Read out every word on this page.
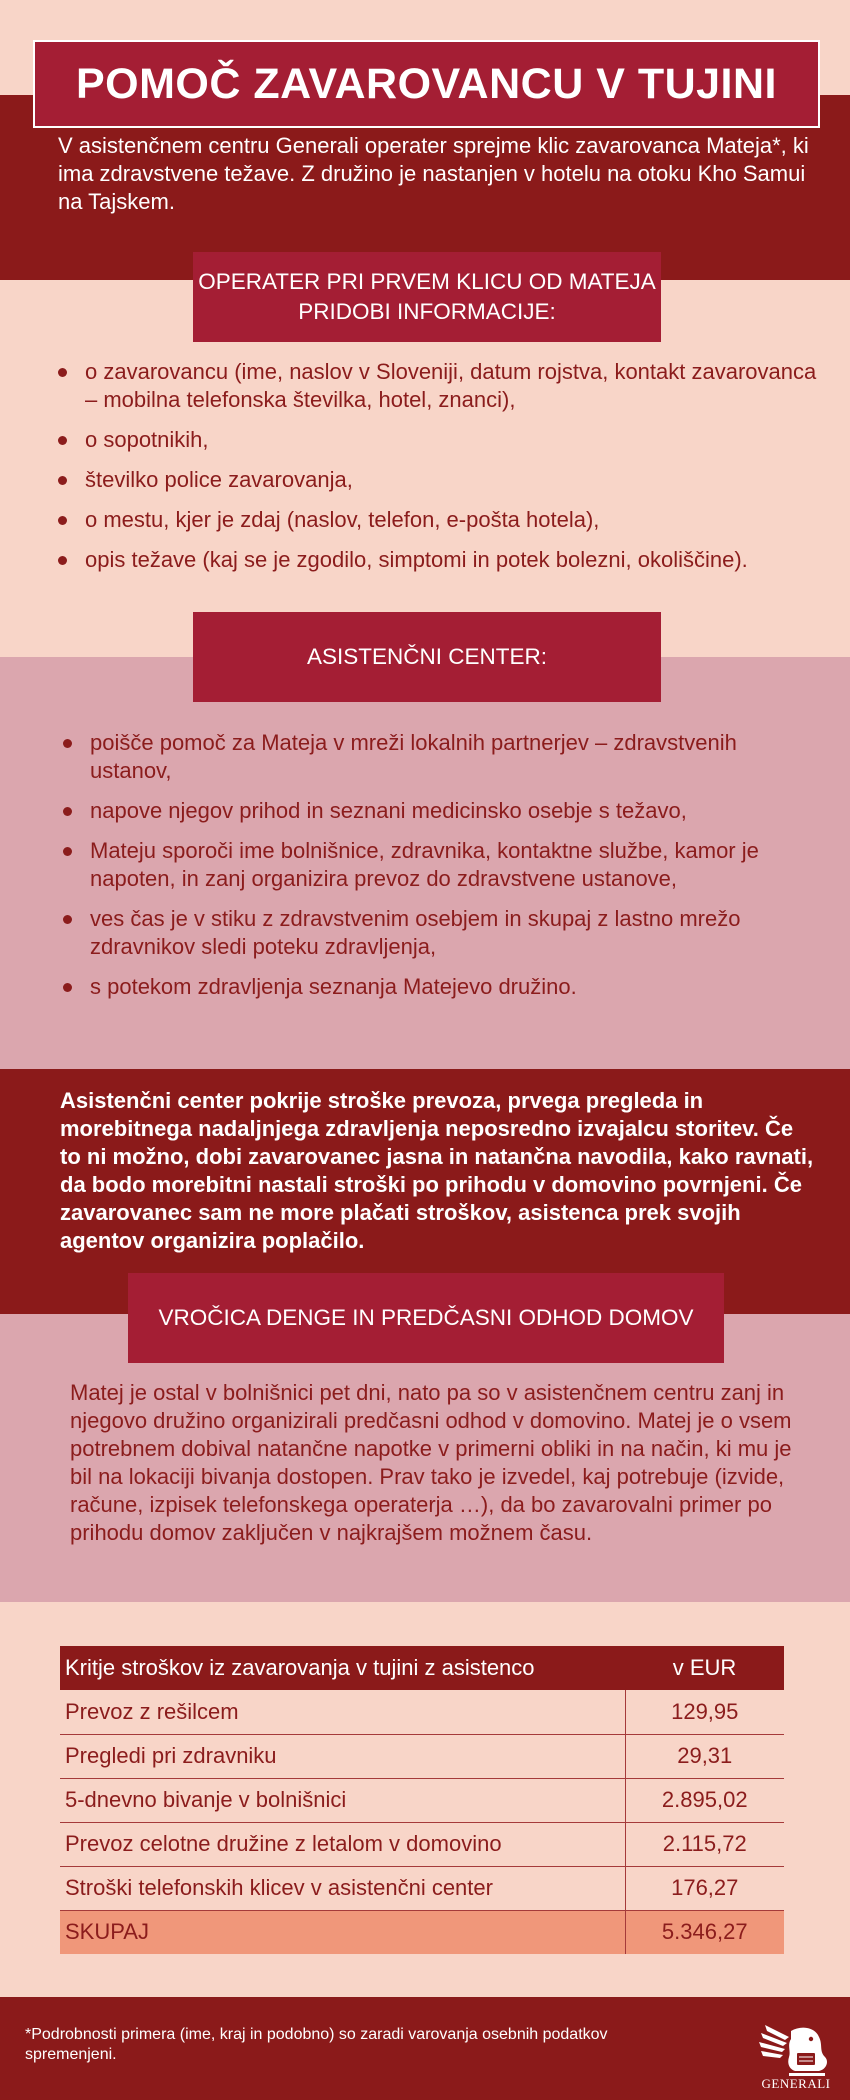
POMOČ ZAVAROVANCU V TUJINI

V asistenčnem centru Generali operater sprejme klic zavarovanca Mateja*, ki ima zdravstvene težave. Z družino je nastanjen v hotelu na otoku Kho Samui na Tajskem.

OPERATER PRI PRVEM KLICU OD MATEJA PRIDOBI INFORMACIJE:
o zavarovancu (ime, naslov v Sloveniji, datum rojstva, kontakt zavarovanca – mobilna telefonska številka, hotel, znanci),
o sopotnikih,
številko police zavarovanja,
o mestu, kjer je zdaj (naslov, telefon, e-pošta hotela),
opis težave (kaj se je zgodilo, simptomi in potek bolezni, okoliščine).
ASISTENČNI CENTER:
poišče pomoč za Mateja v mreži lokalnih partnerjev – zdravstvenih ustanov,
napove njegov prihod in seznani medicinsko osebje s težavo,
Mateju sporoči ime bolnišnice, zdravnika, kontaktne službe, kamor je napoten, in zanj organizira prevoz do zdravstvene ustanove,
ves čas je v stiku z zdravstvenim osebjem in skupaj z lastno mrežo zdravnikov sledi poteku zdravljenja,
s potekom zdravljenja seznanja Matejevo družino.

Asistenčni center pokrije stroške prevoza, prvega pregleda in morebitnega nadaljnjega zdravljenja neposredno izvajalcu storitev. Če to ni možno, dobi zavarovanec jasna in natančna navodila, kako ravnati, da bodo morebitni nastali stroški po prihodu v domovino povrnjeni. Če zavarovanec sam ne more plačati stroškov, asistenca prek svojih agentov organizira poplačilo.

VROČICA DENGE IN PREDČASNI ODHOD DOMOV

Matej je ostal v bolnišnici pet dni, nato pa so v asistenčnem centru zanj in njegovo družino organizirali predčasni odhod v domovino. Matej je o vsem potrebnem dobival natančne napotke v primerni obliki in na način, ki mu je bil na lokaciji bivanja dostopen. Prav tako je izvedel, kaj potrebuje (izvide, račune, izpisek telefonskega operaterja …), da bo zavarovalni primer po prihodu domov zaključen v najkrajšem možnem času.

Kritje stroškov iz zavarovanja v tujini z asistenco	v EUR
Prevoz z rešilcem	129,95
Pregledi pri zdravniku	29,31
5-dnevno bivanje v bolnišnici	2.895,02
Prevoz celotne družine z letalom v domovino	2.115,72
Stroški telefonskih klicev v asistenčni center	176,27
SKUPAJ	5.346,27

*Podrobnosti primera (ime, kraj in podobno) so zaradi varovanja osebnih podatkov spremenjeni.

GENERALI
